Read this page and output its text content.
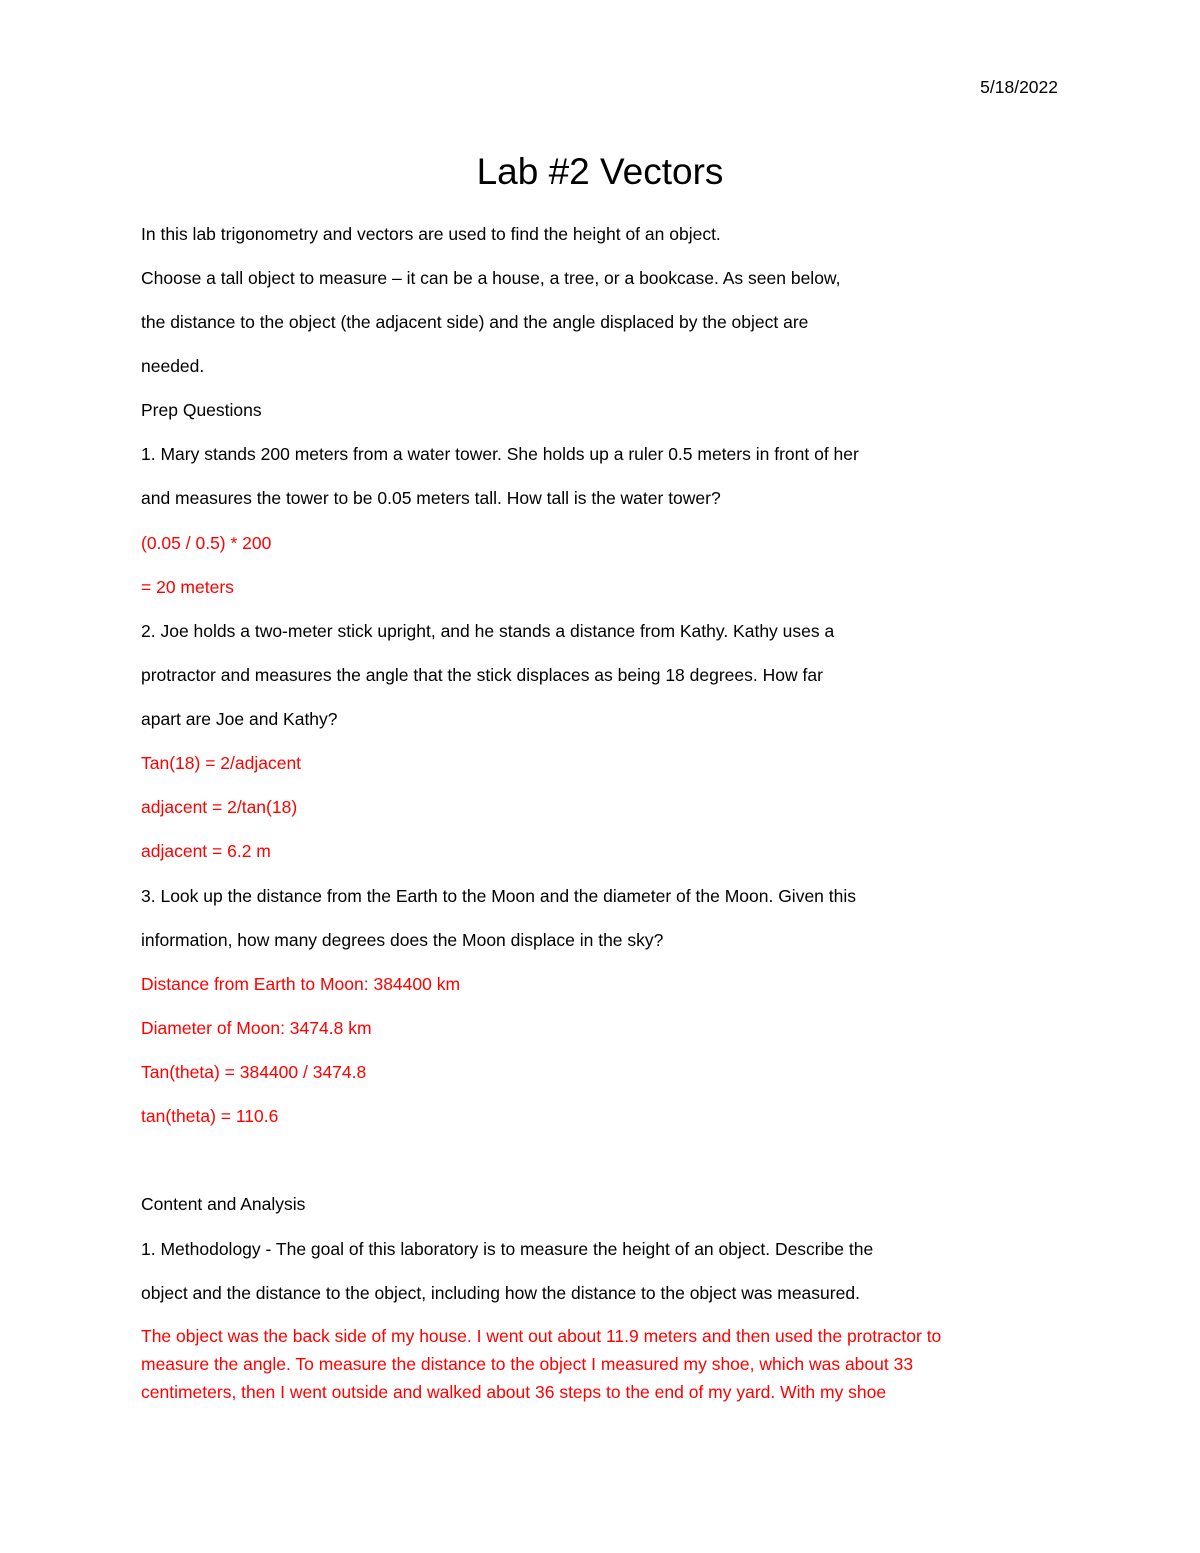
5/18/2022
Lab #2 Vectors
In this lab trigonometry and vectors are used to find the height of an object.
Choose a tall object to measure – it can be a house, a tree, or a bookcase. As seen below,
the distance to the object (the adjacent side) and the angle displaced by the object are
needed.
Prep Questions
1. Mary stands 200 meters from a water tower. She holds up a ruler 0.5 meters in front of her
and measures the tower to be 0.05 meters tall. How tall is the water tower?
(0.05 / 0.5) * 200
= 20 meters
2. Joe holds a two-meter stick upright, and he stands a distance from Kathy. Kathy uses a
protractor and measures the angle that the stick displaces as being 18 degrees. How far
apart are Joe and Kathy?
Tan(18) = 2/adjacent
adjacent = 2/tan(18)
adjacent = 6.2 m
3. Look up the distance from the Earth to the Moon and the diameter of the Moon. Given this
information, how many degrees does the Moon displace in the sky?
Distance from Earth to Moon: 384400 km
Diameter of Moon: 3474.8 km
Tan(theta) = 384400 / 3474.8
tan(theta) = 110.6
Content and Analysis
1. Methodology - The goal of this laboratory is to measure the height of an object. Describe the
object and the distance to the object, including how the distance to the object was measured.
The object was the back side of my house. I went out about 11.9 meters and then used the protractor to
measure the angle. To measure the distance to the object I measured my shoe, which was about 33
centimeters, then I went outside and walked about 36 steps to the end of my yard. With my shoe
